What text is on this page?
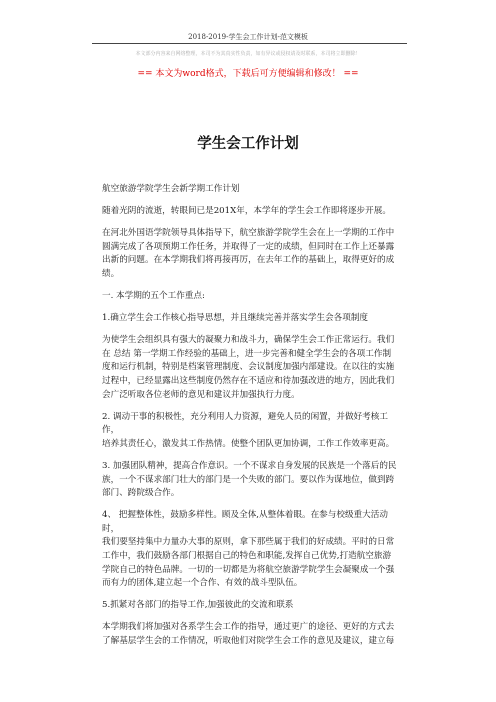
2018-2019-学生会工作计划-范文模板
本文部分内容来自网络整理，本司不为其真实性负责，如有异议或侵权请及时联系，本司将立即删除！
== 本文为word格式，下载后可方便编辑和修改！ ==
学生会工作计划

航空旅游学院学生会新学期工作计划

随着光阴的流逝，转眼间已是201X年，本学年的学生会工作即将逐步开展。

在河北外国语学院领导具体指导下，航空旅游学院学生会在上一学期的工作中
圆满完成了各项预期工作任务，并取得了一定的成绩，但同时在工作上还暴露
出新的问题。在本学期我们将再接再厉，在去年工作的基础上，取得更好的成
绩。

一. 本学期的五个工作重点:

1.确立学生会工作核心指导思想，并且继续完善并落实学生会各项制度

为使学生会组织具有强大的凝聚力和战斗力，确保学生会工作正常运行。我们
在 总结 第一学期工作经验的基础上，进一步完善和健全学生会的各项工作制
度和运行机制，特别是档案管理制度、会议制度加强内部建设。在以往的实施
过程中，已经显露出这些制度仍然存在不适应和待加强改进的地方，因此我们
会广泛听取各位老师的意见和建议并加强执行力度。

2. 调动干事的积极性，充分利用人力资源，避免人员的闲置，并做好考核工作，
培养其责任心，激发其工作热情。使整个团队更加协调，工作工作效率更高。

3. 加强团队精神，提高合作意识。一个不谋求自身发展的民族是一个落后的民
族，一个不谋求部门壮大的部门是一个失败的部门。要以作为谋地位，做到跨
部门、跨院级合作。

4、 把握整体性，鼓励多样性。顾及全体,从整体着眼。在参与校级重大活动时，
我们要坚持集中力量办大事的原则，拿下那些属于我们的好成绩。平时的日常
工作中，我们鼓励各部门根据自己的特色和职能,发挥自己优势,打造航空旅游
学院自己的特色品牌。一切的一切都是为将航空旅游学院学生会凝聚成一个强
而有力的团体,建立起一个合作、有效的战斗型队伍。

5.抓紧对各部门的指导工作,加强彼此的交流和联系

本学期我们将加强对各系学生会工作的指导，通过更广的途径、更好的方式去
了解基层学生会的工作情况，听取他们对院学生会工作的意见及建议，建立每
